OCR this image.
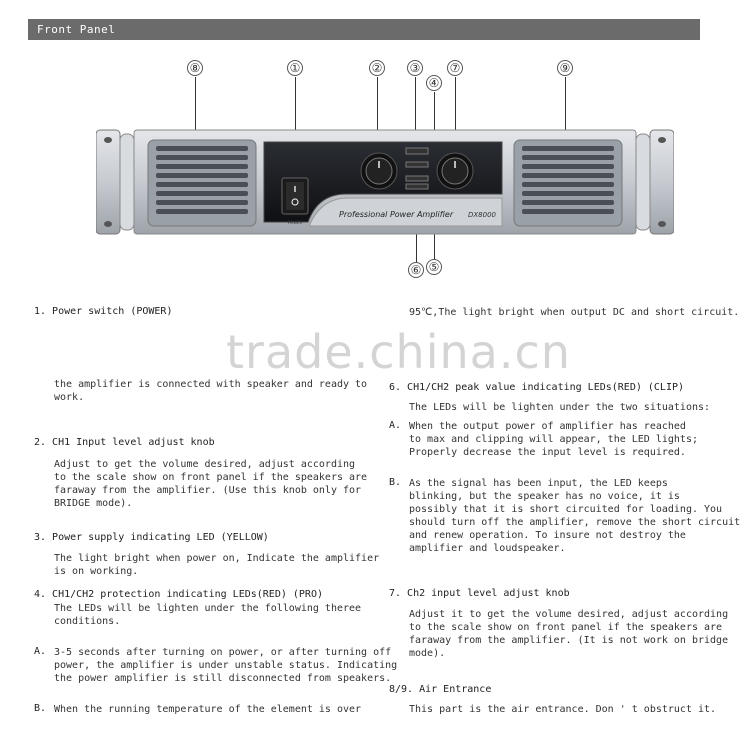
Front Panel
⑧	①	② ③
④
⑦	⑨
⑥ ⑤
POWER
Professional Power Amplifier DX8000
trade.china.cn
1. Power switch (POWER)
the amplifier is connected with speaker and ready to
work.
2. CH1 Input level adjust knob
Adjust to get the volume desired, adjust according
to the scale show on front panel if the speakers are
faraway from the amplifier. (Use this knob only for
BRIDGE mode).
3. Power supply indicating LED (YELLOW)
The light bright when power on, Indicate the amplifier
is on working.
4. CH1/CH2 protection indicating LEDs(RED) (PRO)
The LEDs will be lighten under the following theree
conditions.
A. 3-5 seconds after turning on power, or after turning off
power, the amplifier is under unstable status. Indicating
the power amplifier is still disconnected from speakers.
B. When the running temperature of the element is over
95℃,The light bright when output DC and short circuit.
6. CH1/CH2 peak value indicating LEDs(RED) (CLIP)
The LEDs will be lighten under the two situations:
A. When the output power of amplifier has reached
to max and clipping will appear, the LED lights;
Properly decrease the input level is required.
B. As the signal has been input, the LED keeps
blinking, but the speaker has no voice, it is
possibly that it is short circuited for loading. You
should turn off the amplifier, remove the short circuit
and renew operation. To insure not destroy the
amplifier and loudspeaker.
7. Ch2 input level adjust knob
Adjust it to get the volume desired, adjust according
to the scale show on front panel if the speakers are
faraway from the amplifier. (It is not work on bridge
mode).
8/9. Air Entrance
This part is the air entrance. Don ' t obstruct it.
